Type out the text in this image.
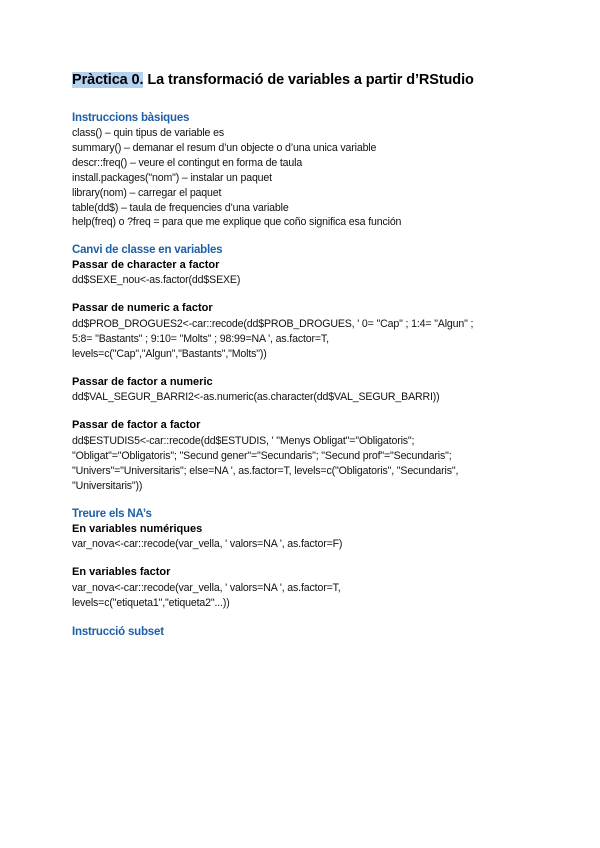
Pràctica 0. La transformació de variables a partir d’RStudio
Instruccions bàsiques
class() – quin tipus de variable es
summary() – demanar el resum d’un objecte o d’una unica variable
descr::freq() – veure el contingut en forma de taula
install.packages("nom") – instalar un paquet
library(nom) – carregar el paquet
table(dd$) – taula de frequencies d’una variable
help(freq) o ?freq = para que me explique que coño significa esa función
Canvi de classe en variables
Passar de character a factor
dd$SEXE_nou<-as.factor(dd$SEXE)
Passar de numeric a factor
dd$PROB_DROGUES2<-car::recode(dd$PROB_DROGUES, ' 0= "Cap" ; 1:4= "Algun" ;
5:8= "Bastants" ; 9:10= "Molts" ; 98:99=NA ', as.factor=T,
levels=c("Cap","Algun","Bastants","Molts"))
Passar de factor a numeric
dd$VAL_SEGUR_BARRI2<-as.numeric(as.character(dd$VAL_SEGUR_BARRI))
Passar de factor a factor
dd$ESTUDIS5<-car::recode(dd$ESTUDIS, ' "Menys Obligat"="Obligatoris";
"Obligat"="Obligatoris"; "Secund gener"="Secundaris"; "Secund prof"="Secundaris";
"Univers"="Universitaris"; else=NA ', as.factor=T, levels=c("Obligatoris", "Secundaris",
"Universitaris"))
Treure els NA’s
En variables numériques
var_nova<-car::recode(var_vella, ' valors=NA ', as.factor=F)
En variables factor
var_nova<-car::recode(var_vella, ' valors=NA ', as.factor=T,
levels=c("etiqueta1","etiqueta2"...))
Instrucció subset
